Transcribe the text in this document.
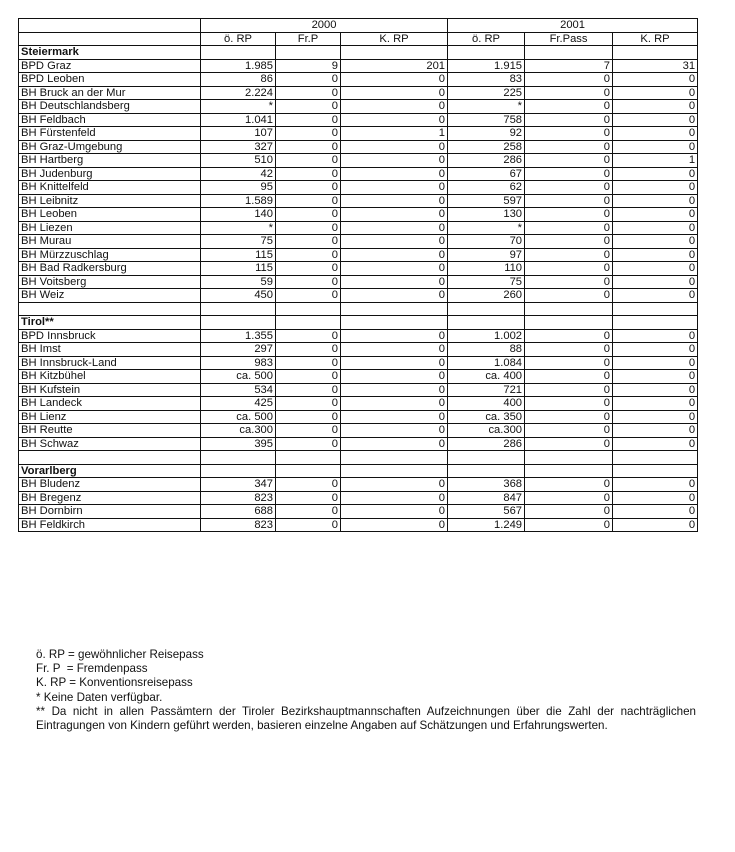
	2000			2001		
	ö. RP	Fr.P	K. RP	ö. RP	Fr.Pass	K. RP
Steiermark						
BPD Graz	1.985	9	201	1.915	7	31
BPD Leoben	86	0	0	83	0	0
BH Bruck an der Mur	2.224	0	0	225	0	0
BH Deutschlandsberg	*	0	0	*	0	0
BH Feldbach	1.041	0	0	758	0	0
BH Fürstenfeld	107	0	1	92	0	0
BH Graz-Umgebung	327	0	0	258	0	0
BH Hartberg	510	0	0	286	0	1
BH Judenburg	42	0	0	67	0	0
BH Knittelfeld	95	0	0	62	0	0
BH Leibnitz	1.589	0	0	597	0	0
BH Leoben	140	0	0	130	0	0
BH Liezen	*	0	0	*	0	0
BH Murau	75	0	0	70	0	0
BH Mürzzuschlag	115	0	0	97	0	0
BH Bad Radkersburg	115	0	0	110	0	0
BH Voitsberg	59	0	0	75	0	0
BH Weiz	450	0	0	260	0	0

Tirol**						
BPD Innsbruck	1.355	0	0	1.002	0	0
BH Imst	297	0	0	88	0	0
BH Innsbruck-Land	983	0	0	1.084	0	0
BH Kitzbühel	ca. 500	0	0	ca. 400	0	0
BH Kufstein	534	0	0	721	0	0
BH Landeck	425	0	0	400	0	0
BH Lienz	ca. 500	0	0	ca. 350	0	0
BH Reutte	ca.300	0	0	ca.300	0	0
BH Schwaz	395	0	0	286	0	0

Vorarlberg						
BH Bludenz	347	0	0	368	0	0
BH Bregenz	823	0	0	847	0	0
BH Dornbirn	688	0	0	567	0	0
BH Feldkirch	823	0	0	1.249	0	0

ö. RP = gewöhnlicher Reisepass

Fr. P  = Fremdenpass

K. RP = Konventionsreisepass

* Keine Daten verfügbar.

** Da nicht in allen Passämtern der Tiroler Bezirkshauptmannschaften Aufzeichnungen über die Zahl der nachträglichen Eintragungen von Kindern geführt werden, basieren einzelne Angaben auf Schätzungen und Erfahrungswerten.
